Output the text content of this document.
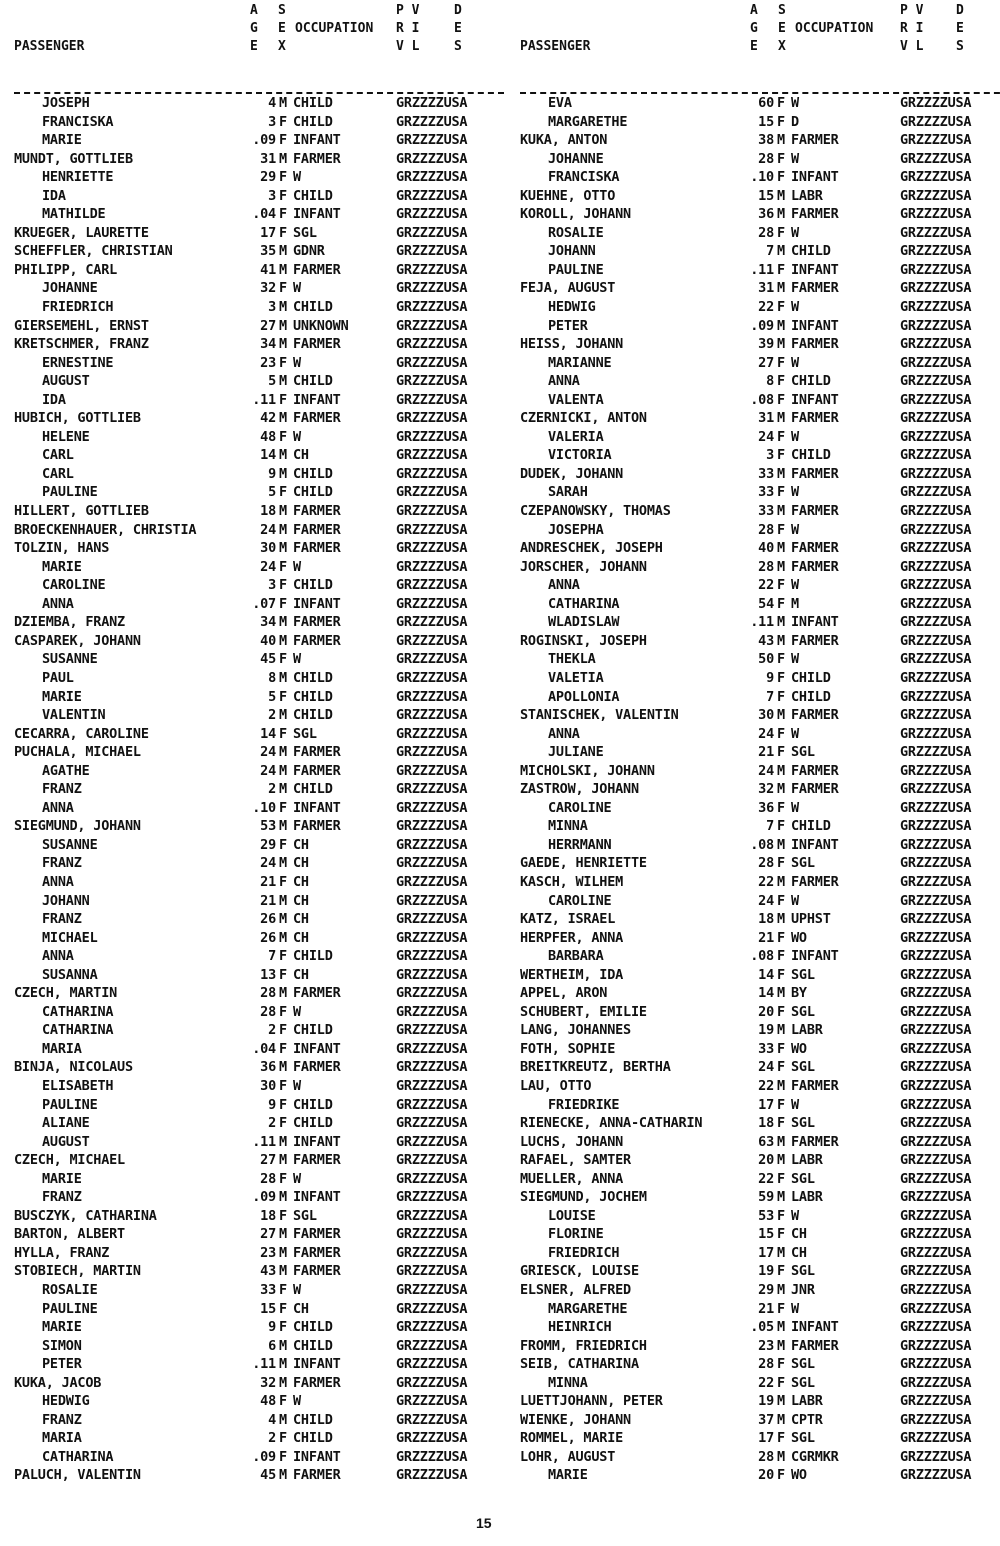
PASSENGER
A
G
E
S
E
X
OCCUPATION
P V
R I
V L
D
E
S
JOSEPH	4 M CHILD	GRZZZZUSA
FRANCISKA	3 F CHILD	GRZZZZUSA
MARIE	.09 F INFANT	GRZZZZUSA
MUNDT, GOTTLIEB	31 M FARMER	GRZZZZUSA
HENRIETTE	29 F W	GRZZZZUSA
IDA	3 F CHILD	GRZZZZUSA
MATHILDE	.04 F INFANT	GRZZZZUSA
KRUEGER, LAURETTE	17 F SGL	GRZZZZUSA
SCHEFFLER, CHRISTIAN	35 M GDNR	GRZZZZUSA
PHILIPP, CARL	41 M FARMER	GRZZZZUSA
JOHANNE	32 F W	GRZZZZUSA
FRIEDRICH	3 M CHILD	GRZZZZUSA
GIERSEMEHL, ERNST	27 M UNKNOWN	GRZZZZUSA
KRETSCHMER, FRANZ	34 M FARMER	GRZZZZUSA
ERNESTINE	23 F W	GRZZZZUSA
AUGUST	5 M CHILD	GRZZZZUSA
IDA	.11 F INFANT	GRZZZZUSA
HUBICH, GOTTLIEB	42 M FARMER	GRZZZZUSA
HELENE	48 F W	GRZZZZUSA
CARL	14 M CH	GRZZZZUSA
CARL	9 M CHILD	GRZZZZUSA
PAULINE	5 F CHILD	GRZZZZUSA
HILLERT, GOTTLIEB	18 M FARMER	GRZZZZUSA
BROECKENHAUER, CHRISTIA	24 M FARMER	GRZZZZUSA
TOLZIN, HANS	30 M FARMER	GRZZZZUSA
MARIE	24 F W	GRZZZZUSA
CAROLINE	3 F CHILD	GRZZZZUSA
ANNA	.07 F INFANT	GRZZZZUSA
DZIEMBA, FRANZ	34 M FARMER	GRZZZZUSA
CASPAREK, JOHANN	40 M FARMER	GRZZZZUSA
SUSANNE	45 F W	GRZZZZUSA
PAUL	8 M CHILD	GRZZZZUSA
MARIE	5 F CHILD	GRZZZZUSA
VALENTIN	2 M CHILD	GRZZZZUSA
CECARRA, CAROLINE	14 F SGL	GRZZZZUSA
PUCHALA, MICHAEL	24 M FARMER	GRZZZZUSA
AGATHE	24 M FARMER	GRZZZZUSA
FRANZ	2 M CHILD	GRZZZZUSA
ANNA	.10 F INFANT	GRZZZZUSA
SIEGMUND, JOHANN	53 M FARMER	GRZZZZUSA
SUSANNE	29 F CH	GRZZZZUSA
FRANZ	24 M CH	GRZZZZUSA
ANNA	21 F CH	GRZZZZUSA
JOHANN	21 M CH	GRZZZZUSA
FRANZ	26 M CH	GRZZZZUSA
MICHAEL	26 M CH	GRZZZZUSA
ANNA	7 F CHILD	GRZZZZUSA
SUSANNA	13 F CH	GRZZZZUSA
CZECH, MARTIN	28 M FARMER	GRZZZZUSA
CATHARINA	28 F W	GRZZZZUSA
CATHARINA	2 F CHILD	GRZZZZUSA
MARIA	.04 F INFANT	GRZZZZUSA
BINJA, NICOLAUS	36 M FARMER	GRZZZZUSA
ELISABETH	30 F W	GRZZZZUSA
PAULINE	9 F CHILD	GRZZZZUSA
ALIANE	2 F CHILD	GRZZZZUSA
AUGUST	.11 M INFANT	GRZZZZUSA
CZECH, MICHAEL	27 M FARMER	GRZZZZUSA
MARIE	28 F W	GRZZZZUSA
FRANZ	.09 M INFANT	GRZZZZUSA
BUSCZYK, CATHARINA	18 F SGL	GRZZZZUSA
BARTON, ALBERT	27 M FARMER	GRZZZZUSA
HYLLA, FRANZ	23 M FARMER	GRZZZZUSA
STOBIECH, MARTIN	43 M FARMER	GRZZZZUSA
ROSALIE	33 F W	GRZZZZUSA
PAULINE	15 F CH	GRZZZZUSA
MARIE	9 F CHILD	GRZZZZUSA
SIMON	6 M CHILD	GRZZZZUSA
PETER	.11 M INFANT	GRZZZZUSA
KUKA, JACOB	32 M FARMER	GRZZZZUSA
HEDWIG	48 F W	GRZZZZUSA
FRANZ	4 M CHILD	GRZZZZUSA
MARIA	2 F CHILD	GRZZZZUSA
CATHARINA	.09 F INFANT	GRZZZZUSA
PALUCH, VALENTIN	45 M FARMER	GRZZZZUSA
PASSENGER
A
G
E
S
E
X
OCCUPATION
P V
R I
V L
D
E
S
EVA	60 F W	GRZZZZUSA
MARGARETHE	15 F D	GRZZZZUSA
KUKA, ANTON	38 M FARMER	GRZZZZUSA
JOHANNE	28 F W	GRZZZZUSA
FRANCISKA	.10 F INFANT	GRZZZZUSA
KUEHNE, OTTO	15 M LABR	GRZZZZUSA
KOROLL, JOHANN	36 M FARMER	GRZZZZUSA
ROSALIE	28 F W	GRZZZZUSA
JOHANN	7 M CHILD	GRZZZZUSA
PAULINE	.11 F INFANT	GRZZZZUSA
FEJA, AUGUST	31 M FARMER	GRZZZZUSA
HEDWIG	22 F W	GRZZZZUSA
PETER	.09 M INFANT	GRZZZZUSA
HEISS, JOHANN	39 M FARMER	GRZZZZUSA
MARIANNE	27 F W	GRZZZZUSA
ANNA	8 F CHILD	GRZZZZUSA
VALENTA	.08 F INFANT	GRZZZZUSA
CZERNICKI, ANTON	31 M FARMER	GRZZZZUSA
VALERIA	24 F W	GRZZZZUSA
VICTORIA	3 F CHILD	GRZZZZUSA
DUDEK, JOHANN	33 M FARMER	GRZZZZUSA
SARAH	33 F W	GRZZZZUSA
CZEPANOWSKY, THOMAS	33 M FARMER	GRZZZZUSA
JOSEPHA	28 F W	GRZZZZUSA
ANDRESCHEK, JOSEPH	40 M FARMER	GRZZZZUSA
JORSCHER, JOHANN	28 M FARMER	GRZZZZUSA
ANNA	22 F W	GRZZZZUSA
CATHARINA	54 F M	GRZZZZUSA
WLADISLAW	.11 M INFANT	GRZZZZUSA
ROGINSKI, JOSEPH	43 M FARMER	GRZZZZUSA
THEKLA	50 F W	GRZZZZUSA
VALETIA	9 F CHILD	GRZZZZUSA
APOLLONIA	7 F CHILD	GRZZZZUSA
STANISCHEK, VALENTIN	30 M FARMER	GRZZZZUSA
ANNA	24 F W	GRZZZZUSA
JULIANE	21 F SGL	GRZZZZUSA
MICHOLSKI, JOHANN	24 M FARMER	GRZZZZUSA
ZASTROW, JOHANN	32 M FARMER	GRZZZZUSA
CAROLINE	36 F W	GRZZZZUSA
MINNA	7 F CHILD	GRZZZZUSA
HERRMANN	.08 M INFANT	GRZZZZUSA
GAEDE, HENRIETTE	28 F SGL	GRZZZZUSA
KASCH, WILHEM	22 M FARMER	GRZZZZUSA
CAROLINE	24 F W	GRZZZZUSA
KATZ, ISRAEL	18 M UPHST	GRZZZZUSA
HERPFER, ANNA	21 F WO	GRZZZZUSA
BARBARA	.08 F INFANT	GRZZZZUSA
WERTHEIM, IDA	14 F SGL	GRZZZZUSA
APPEL, ARON	14 M BY	GRZZZZUSA
SCHUBERT, EMILIE	20 F SGL	GRZZZZUSA
LANG, JOHANNES	19 M LABR	GRZZZZUSA
FOTH, SOPHIE	33 F WO	GRZZZZUSA
BREITKREUTZ, BERTHA	24 F SGL	GRZZZZUSA
LAU, OTTO	22 M FARMER	GRZZZZUSA
FRIEDRIKE	17 F W	GRZZZZUSA
RIENECKE, ANNA-CATHARIN	18 F SGL	GRZZZZUSA
LUCHS, JOHANN	63 M FARMER	GRZZZZUSA
RAFAEL, SAMTER	20 M LABR	GRZZZZUSA
MUELLER, ANNA	22 F SGL	GRZZZZUSA
SIEGMUND, JOCHEM	59 M LABR	GRZZZZUSA
LOUISE	53 F W	GRZZZZUSA
FLORINE	15 F CH	GRZZZZUSA
FRIEDRICH	17 M CH	GRZZZZUSA
GRIESCK, LOUISE	19 F SGL	GRZZZZUSA
ELSNER, ALFRED	29 M JNR	GRZZZZUSA
MARGARETHE	21 F W	GRZZZZUSA
HEINRICH	.05 M INFANT	GRZZZZUSA
FROMM, FRIEDRICH	23 M FARMER	GRZZZZUSA
SEIB, CATHARINA	28 F SGL	GRZZZZUSA
MINNA	22 F SGL	GRZZZZUSA
LUETTJOHANN, PETER	19 M LABR	GRZZZZUSA
WIENKE, JOHANN	37 M CPTR	GRZZZZUSA
ROMMEL, MARIE	17 F SGL	GRZZZZUSA
LOHR, AUGUST	28 M CGRMKR	GRZZZZUSA
MARIE	20 F WO	GRZZZZUSA
15
